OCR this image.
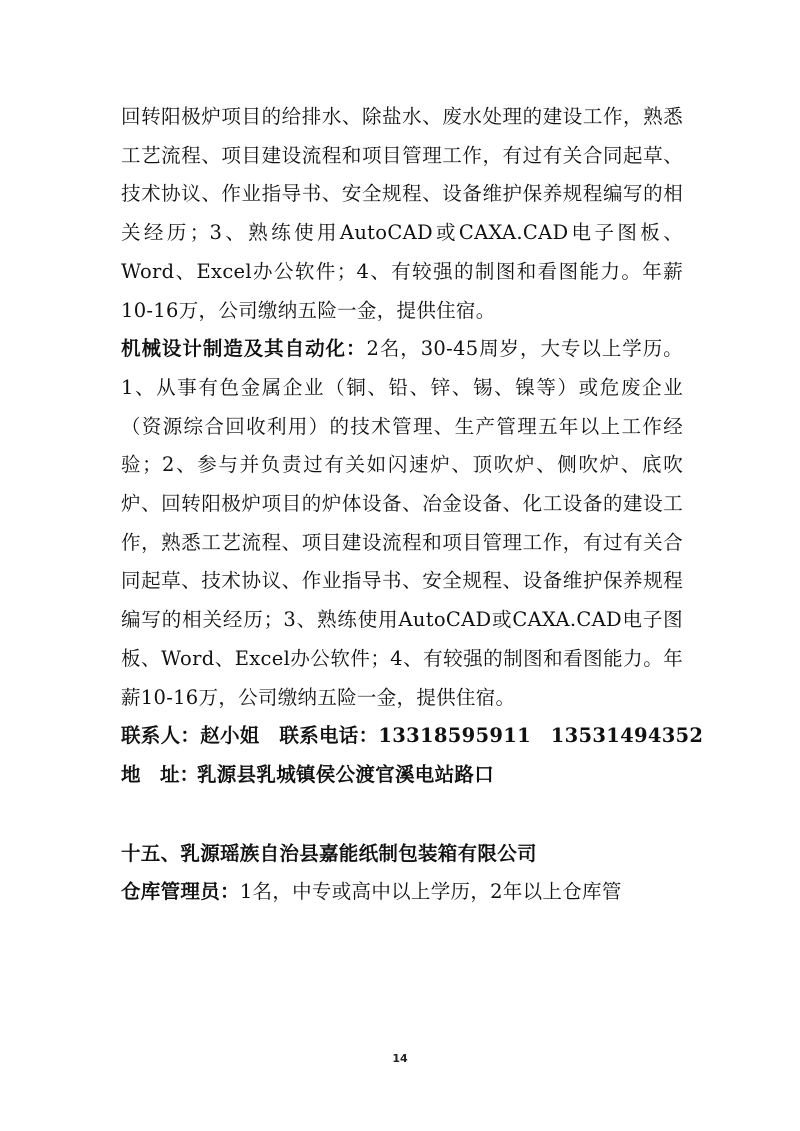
回转阳极炉项目的给排水、除盐水、废水处理的建设工作，熟悉工艺流程、项目建设流程和项目管理工作，有过有关合同起草、技术协议、作业指导书、安全规程、设备维护保养规程编写的相关经历；3、熟练使用AutoCAD或CAXA.CAD电子图板、Word、Excel办公软件；4、有较强的制图和看图能力。年薪10-16万，公司缴纳五险一金，提供住宿。

机械设计制造及其自动化：2名，30-45周岁，大专以上学历。1、从事有色金属企业（铜、铅、锌、锡、镍等）或危废企业（资源综合回收利用）的技术管理、生产管理五年以上工作经验；2、参与并负责过有关如闪速炉、顶吹炉、侧吹炉、底吹炉、回转阳极炉项目的炉体设备、冶金设备、化工设备的建设工作，熟悉工艺流程、项目建设流程和项目管理工作，有过有关合同起草、技术协议、作业指导书、安全规程、设备维护保养规程编写的相关经历；3、熟练使用AutoCAD或CAXA.CAD电子图板、Word、Excel办公软件；4、有较强的制图和看图能力。年薪10-16万，公司缴纳五险一金，提供住宿。

联系人：赵小姐　联系电话：13318595911　13531494352

地　址：乳源县乳城镇侯公渡官溪电站路口

十五、乳源瑶族自治县嘉能纸制包装箱有限公司

仓库管理员：1名，中专或高中以上学历，2年以上仓库管

14
